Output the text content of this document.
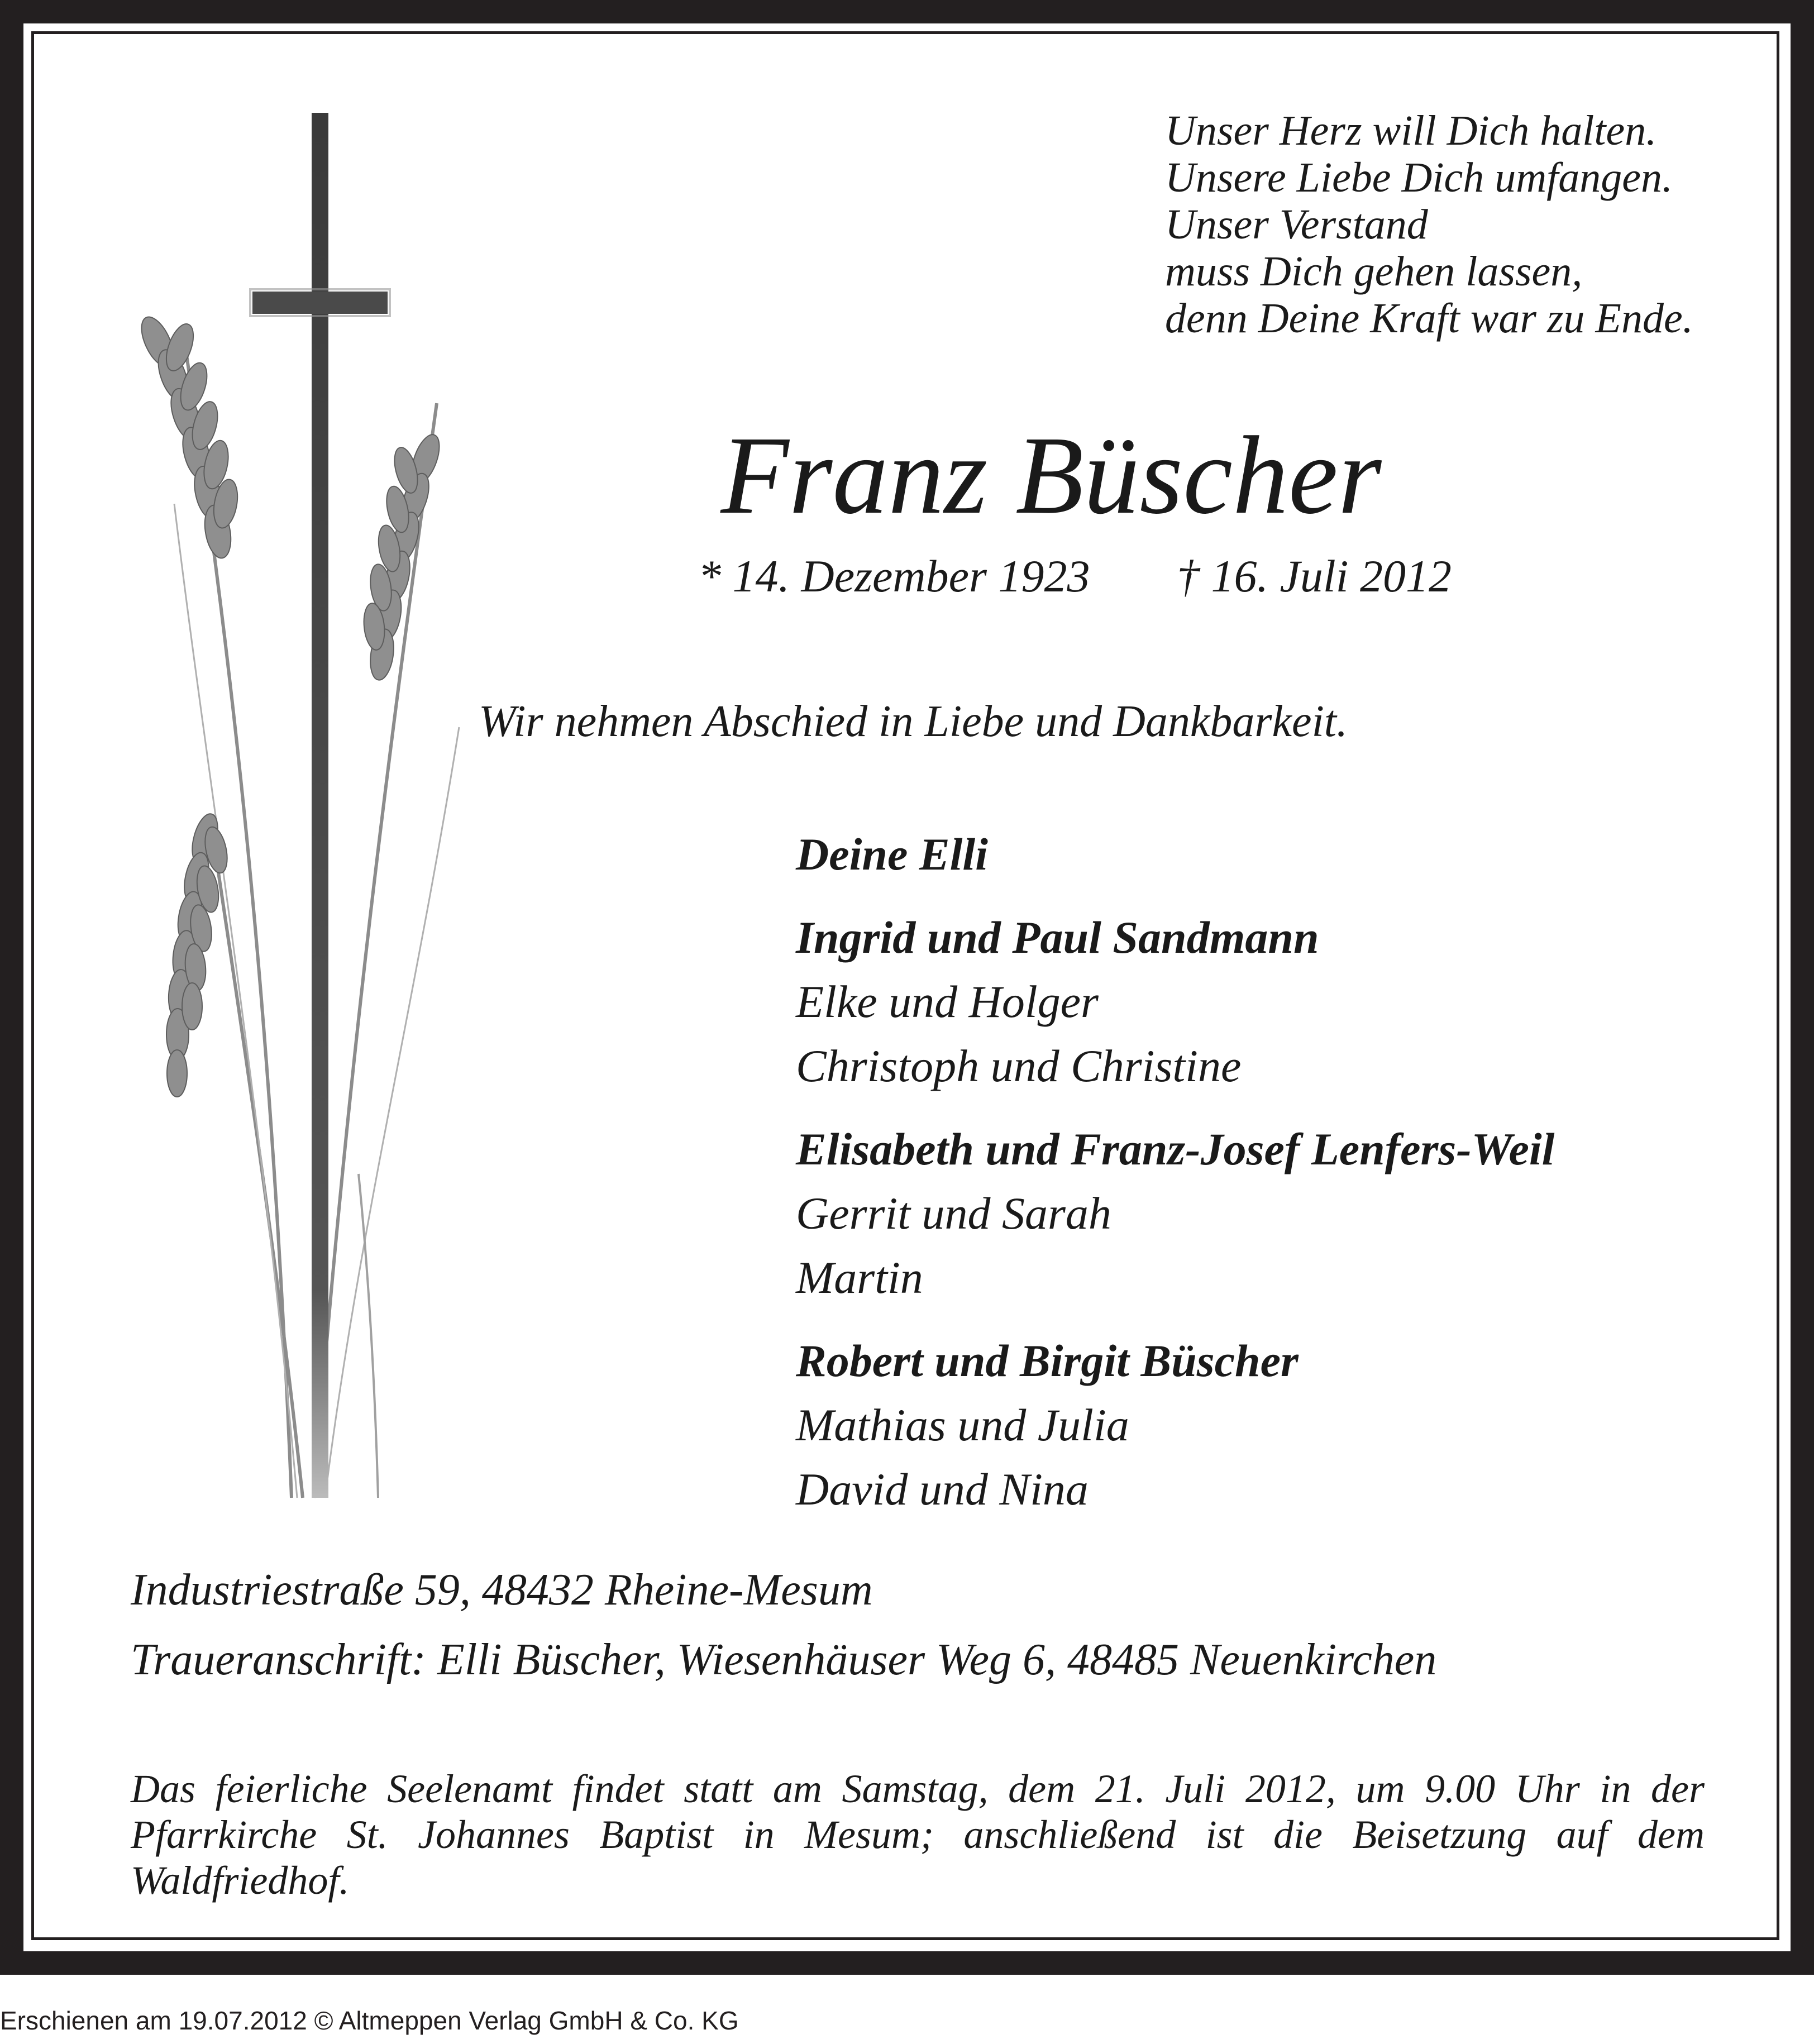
Unser Herz will Dich halten.
Unsere Liebe Dich umfangen.
Unser Verstand
muss Dich gehen lassen,
denn Deine Kraft war zu Ende.
Franz Büscher
* 14. Dezember 1923 † 16. Juli 2012
Wir nehmen Abschied in Liebe und Dankbarkeit.
Deine Elli
Ingrid und Paul Sandmann
Elke und Holger
Christoph und Christine
Elisabeth und Franz-Josef Lenfers-Weil
Gerrit und Sarah
Martin
Robert und Birgit Büscher
Mathias und Julia
David und Nina
Industriestraße 59, 48432 Rheine-Mesum
Traueranschrift: Elli Büscher, Wiesenhäuser Weg 6, 48485 Neuenkirchen
Das feierliche Seelenamt findet statt am Samstag, dem 21. Juli 2012, um 9.00 Uhr in der Pfarrkirche St. Johannes Baptist in Mesum; anschließend ist die Beisetzung auf dem Waldfriedhof.
Erschienen am 19.07.2012 © Altmeppen Verlag GmbH & Co. KG
